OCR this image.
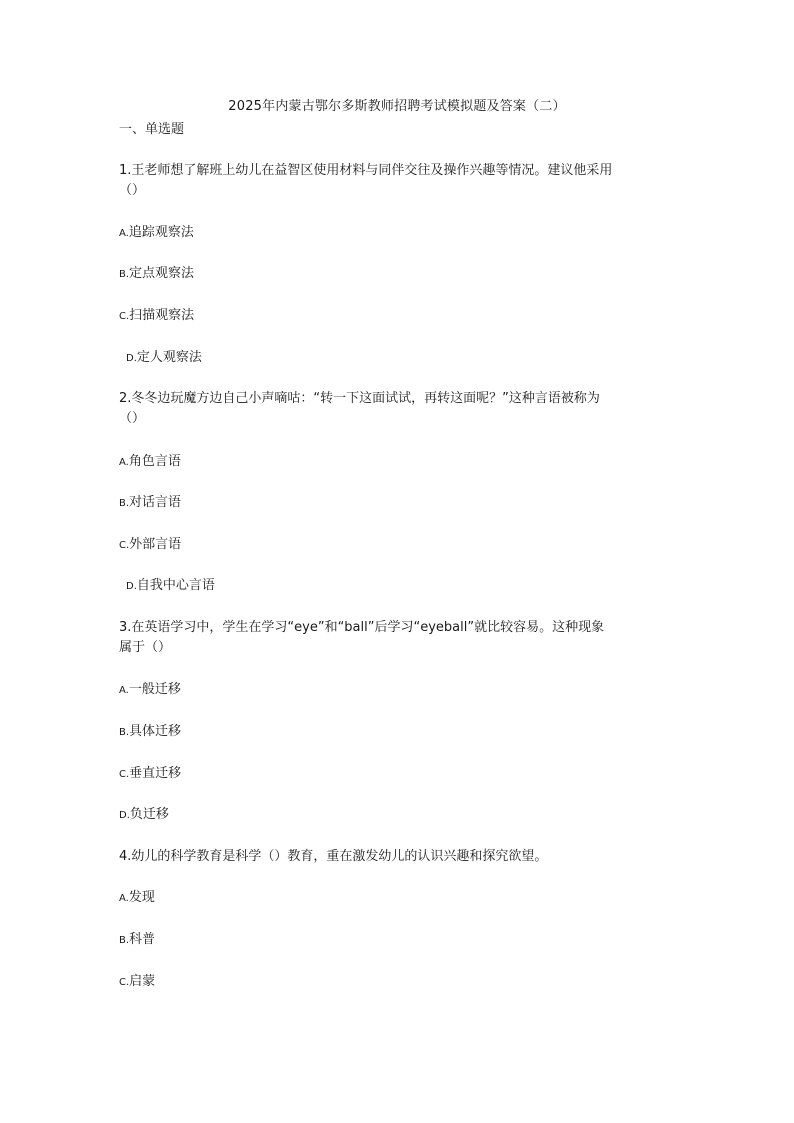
2025年内蒙古鄂尔多斯教师招聘考试模拟题及答案（二）
一、单选题
1.王老师想了解班上幼儿在益智区使用材料与同伴交往及操作兴趣等情况。建议他采用
（）
A.追踪观察法
B.定点观察法
C.扫描观察法
D.定人观察法
2.冬冬边玩魔方边自己小声嘀咕：“转一下这面试试，再转这面呢？”这种言语被称为
（）
A.角色言语
B.对话言语
C.外部言语
D.自我中心言语
3.在英语学习中，学生在学习“eye”和“ball”后学习“eyeball”就比较容易。这种现象
属于（）
A.一般迁移
B.具体迁移
C.垂直迁移
D.负迁移
4.幼儿的科学教育是科学（）教育，重在激发幼儿的认识兴趣和探究欲望。
A.发现
B.科普
C.启蒙
